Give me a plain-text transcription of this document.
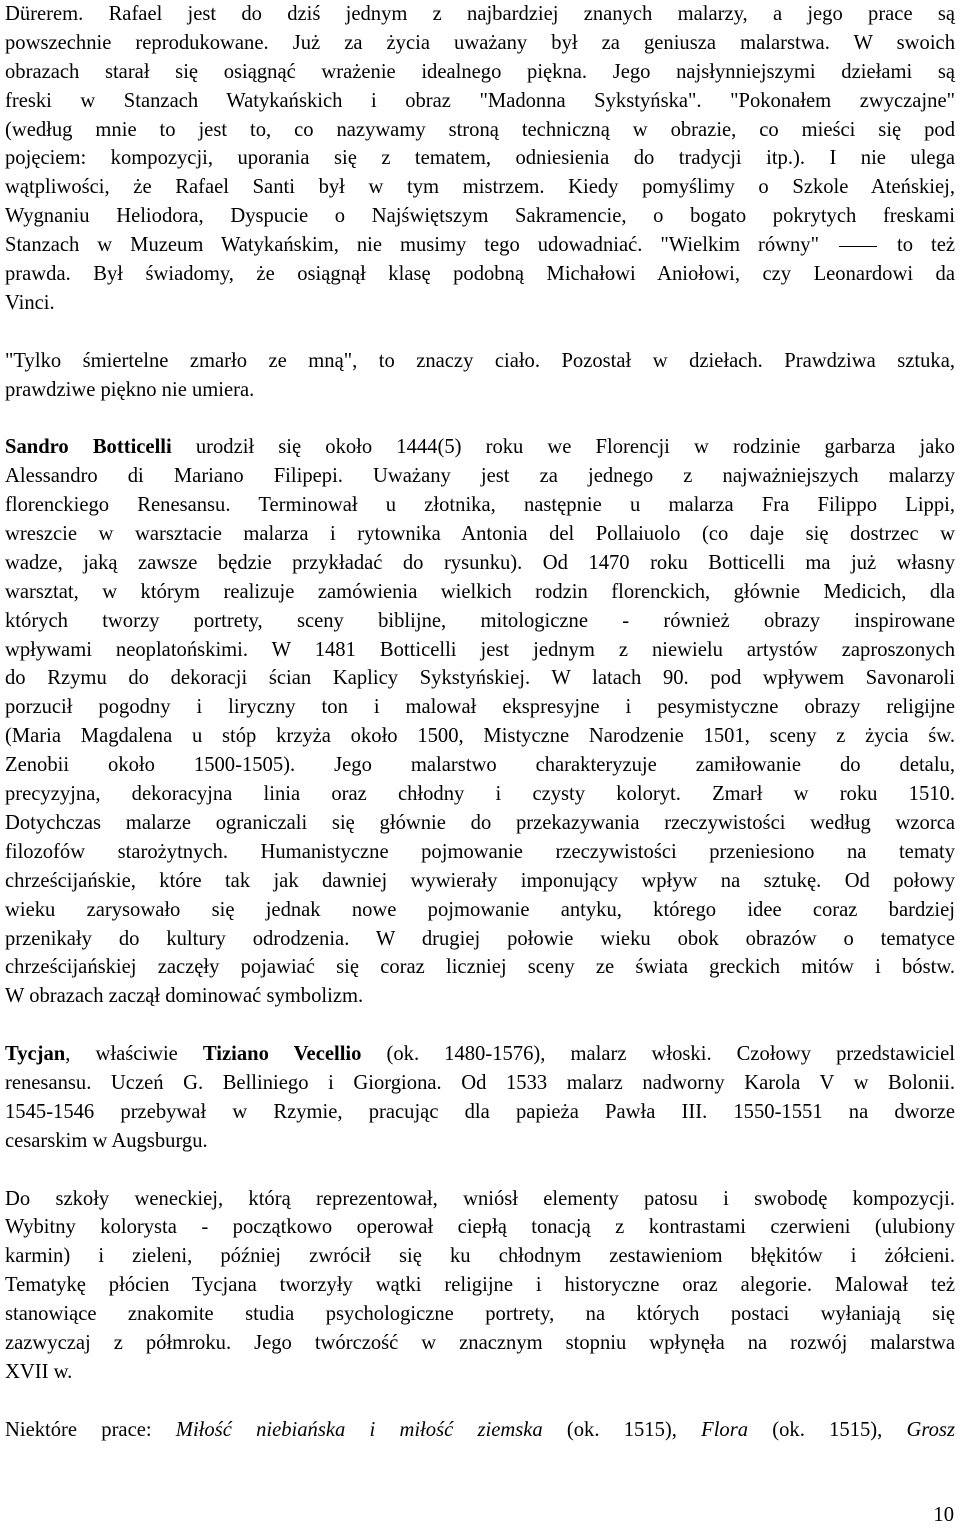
Dürerem. Rafael jest do dziś jednym z najbardziej znanych malarzy, a jego prace są
powszechnie reprodukowane. Już za życia uważany był za geniusza malarstwa. W swoich
obrazach starał się osiągnąć wrażenie idealnego piękna. Jego najsłynniejszymi dziełami są
freski w Stanzach Watykańskich i obraz "Madonna Sykstyńska". "Pokonałem zwyczajne"
(według mnie to jest to, co nazywamy stroną techniczną w obrazie, co mieści się pod
pojęciem: kompozycji, uporania się z tematem, odniesienia do tradycji itp.). I nie ulega
wątpliwości, że Rafael Santi był w tym mistrzem. Kiedy pomyślimy o Szkole Ateńskiej,
Wygnaniu Heliodora, Dyspucie o Najświętszym Sakramencie, o bogato pokrytych freskami
Stanzach w Muzeum Watykańskim, nie musimy tego udowadniać. "Wielkim równy"	to też
prawda. Był świadomy, że osiągnął klasę podobną Michałowi Aniołowi, czy Leonardowi da
Vinci.
"Tylko śmiertelne zmarło ze mną", to znaczy ciało. Pozostał w dziełach. Prawdziwa sztuka,
prawdziwe piękno nie umiera.
Sandro Botticelli urodził się około 1444(5) roku we Florencji w rodzinie garbarza jako
Alessandro di Mariano Filipepi. Uważany jest za jednego z najważniejszych malarzy
florenckiego Renesansu. Terminował u złotnika, następnie u malarza Fra Filippo Lippi,
wreszcie w warsztacie malarza i rytownika Antonia del Pollaiuolo (co daje się dostrzec w
wadze, jaką zawsze będzie przykładać do rysunku). Od 1470 roku Botticelli ma już własny
warsztat, w którym realizuje zamówienia wielkich rodzin florenckich, głównie Medicich, dla
których tworzy portrety, sceny biblijne, mitologiczne - również obrazy inspirowane
wpływami neoplatońskimi. W 1481 Botticelli jest jednym z niewielu artystów zaproszonych
do Rzymu do dekoracji ścian Kaplicy Sykstyńskiej. W latach 90. pod wpływem Savonaroli
porzucił pogodny i liryczny ton i malował ekspresyjne i pesymistyczne obrazy religijne
(Maria Magdalena u stóp krzyża około 1500, Mistyczne Narodzenie 1501, sceny z życia św.
Zenobii około 1500-1505). Jego malarstwo charakteryzuje zamiłowanie do detalu,
precyzyjna, dekoracyjna linia oraz chłodny i czysty koloryt. Zmarł w roku 1510.
Dotychczas malarze ograniczali się głównie do przekazywania rzeczywistości według wzorca
filozofów starożytnych. Humanistyczne pojmowanie rzeczywistości przeniesiono na tematy
chrześcijańskie, które tak jak dawniej wywierały imponujący wpływ na sztukę. Od połowy
wieku zarysowało się jednak nowe pojmowanie antyku, którego idee coraz bardziej
przenikały do kultury odrodzenia. W drugiej połowie wieku obok obrazów o tematyce
chrześcijańskiej zaczęły pojawiać się coraz liczniej sceny ze świata greckich mitów i bóstw.
W obrazach zaczął dominować symbolizm.
Tycjan, właściwie Tiziano Vecellio (ok. 1480-1576), malarz włoski. Czołowy przedstawiciel
renesansu. Uczeń G. Belliniego i Giorgiona. Od 1533 malarz nadworny Karola V w Bolonii.
1545-1546 przebywał w Rzymie, pracując dla papieża Pawła III. 1550-1551 na dworze
cesarskim w Augsburgu.
Do szkoły weneckiej, którą reprezentował, wniósł elementy patosu i swobodę kompozycji.
Wybitny kolorysta - początkowo operował ciepłą tonacją z kontrastami czerwieni (ulubiony
karmin) i zieleni, później zwrócił się ku chłodnym zestawieniom błękitów i żółcieni.
Tematykę płócien Tycjana tworzyły wątki religijne i historyczne oraz alegorie. Malował też
stanowiące znakomite studia psychologiczne portrety, na których postaci wyłaniają się
zazwyczaj z półmroku. Jego twórczość w znacznym stopniu wpłynęła na rozwój malarstwa
XVII w.
Niektóre prace: Miłość niebiańska i miłość ziemska (ok. 1515), Flora (ok. 1515), Grosz
10
